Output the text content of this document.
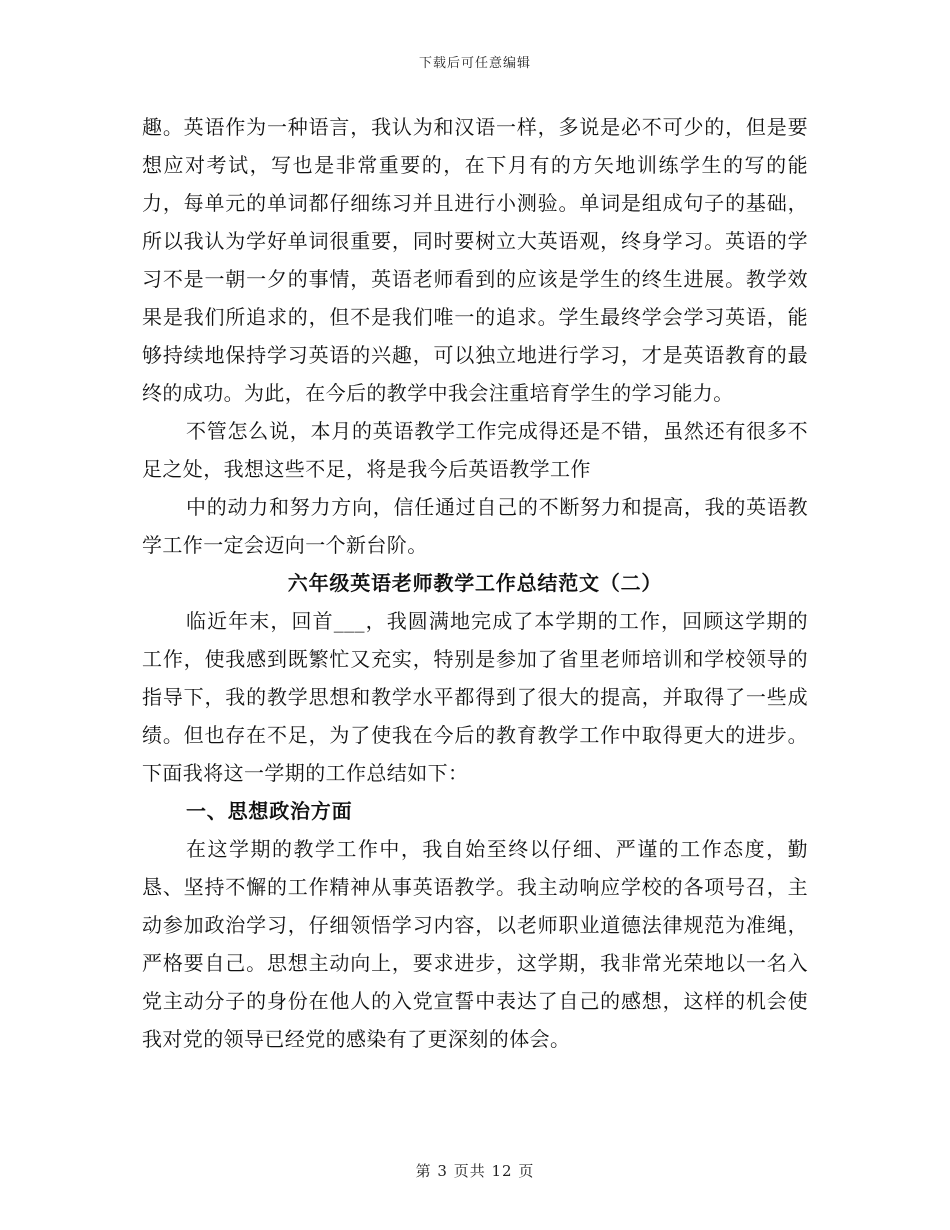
下载后可任意编辑

趣。英语作为一种语言，我认为和汉语一样，多说是必不可少的，但是要想应对考试，写也是非常重要的，在下月有的方矢地训练学生的写的能力，每单元的单词都仔细练习并且进行小测验。单词是组成句子的基础，所以我认为学好单词很重要，同时要树立大英语观，终身学习。英语的学习不是一朝一夕的事情，英语老师看到的应该是学生的终生进展。教学效果是我们所追求的，但不是我们唯一的追求。学生最终学会学习英语，能够持续地保持学习英语的兴趣，可以独立地进行学习，才是英语教育的最终的成功。为此，在今后的教学中我会注重培育学生的学习能力。

不管怎么说，本月的英语教学工作完成得还是不错，虽然还有很多不足之处，我想这些不足，将是我今后英语教学工作

中的动力和努力方向，信任通过自己的不断努力和提高，我的英语教学工作一定会迈向一个新台阶。

六年级英语老师教学工作总结范文（二）

临近年末，回首___，我圆满地完成了本学期的工作，回顾这学期的工作，使我感到既繁忙又充实，特别是参加了省里老师培训和学校领导的指导下，我的教学思想和教学水平都得到了很大的提高，并取得了一些成绩。但也存在不足，为了使我在今后的教育教学工作中取得更大的进步。下面我将这一学期的工作总结如下：

一、思想政治方面

在这学期的教学工作中，我自始至终以仔细、严谨的工作态度，勤恳、坚持不懈的工作精神从事英语教学。我主动响应学校的各项号召，主动参加政治学习，仔细领悟学习内容，以老师职业道德法律规范为准绳，严格要自己。思想主动向上，要求进步，这学期，我非常光荣地以一名入党主动分子的身份在他人的入党宣誓中表达了自己的感想，这样的机会使我对党的领导已经党的感染有了更深刻的体会。

第 3 页共 12 页
